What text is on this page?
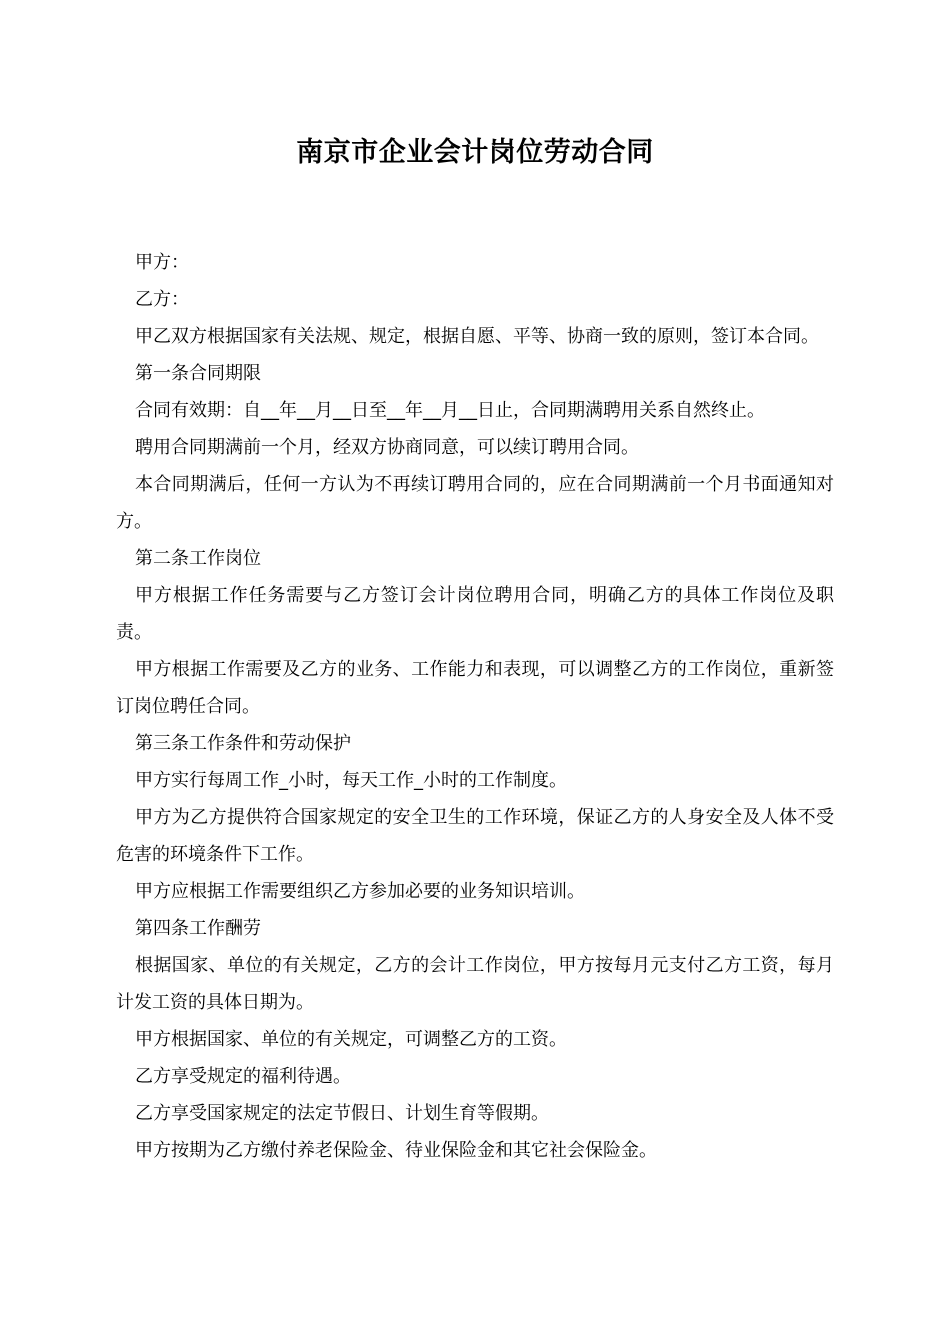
南京市企业会计岗位劳动合同

甲方：

乙方：

甲乙双方根据国家有关法规、规定，根据自愿、平等、协商一致的原则，签订本合同。

第一条合同期限

合同有效期：自__年__月__日至__年__月__日止，合同期满聘用关系自然终止。

聘用合同期满前一个月，经双方协商同意，可以续订聘用合同。

本合同期满后，任何一方认为不再续订聘用合同的，应在合同期满前一个月书面通知对方。

第二条工作岗位

甲方根据工作任务需要与乙方签订会计岗位聘用合同，明确乙方的具体工作岗位及职责。

甲方根据工作需要及乙方的业务、工作能力和表现，可以调整乙方的工作岗位，重新签订岗位聘任合同。

第三条工作条件和劳动保护

甲方实行每周工作_小时，每天工作_小时的工作制度。

甲方为乙方提供符合国家规定的安全卫生的工作环境，保证乙方的人身安全及人体不受危害的环境条件下工作。

甲方应根据工作需要组织乙方参加必要的业务知识培训。

第四条工作酬劳

根据国家、单位的有关规定，乙方的会计工作岗位，甲方按每月元支付乙方工资，每月计发工资的具体日期为。

甲方根据国家、单位的有关规定，可调整乙方的工资。

乙方享受规定的福利待遇。

乙方享受国家规定的法定节假日、计划生育等假期。

甲方按期为乙方缴付养老保险金、待业保险金和其它社会保险金。
